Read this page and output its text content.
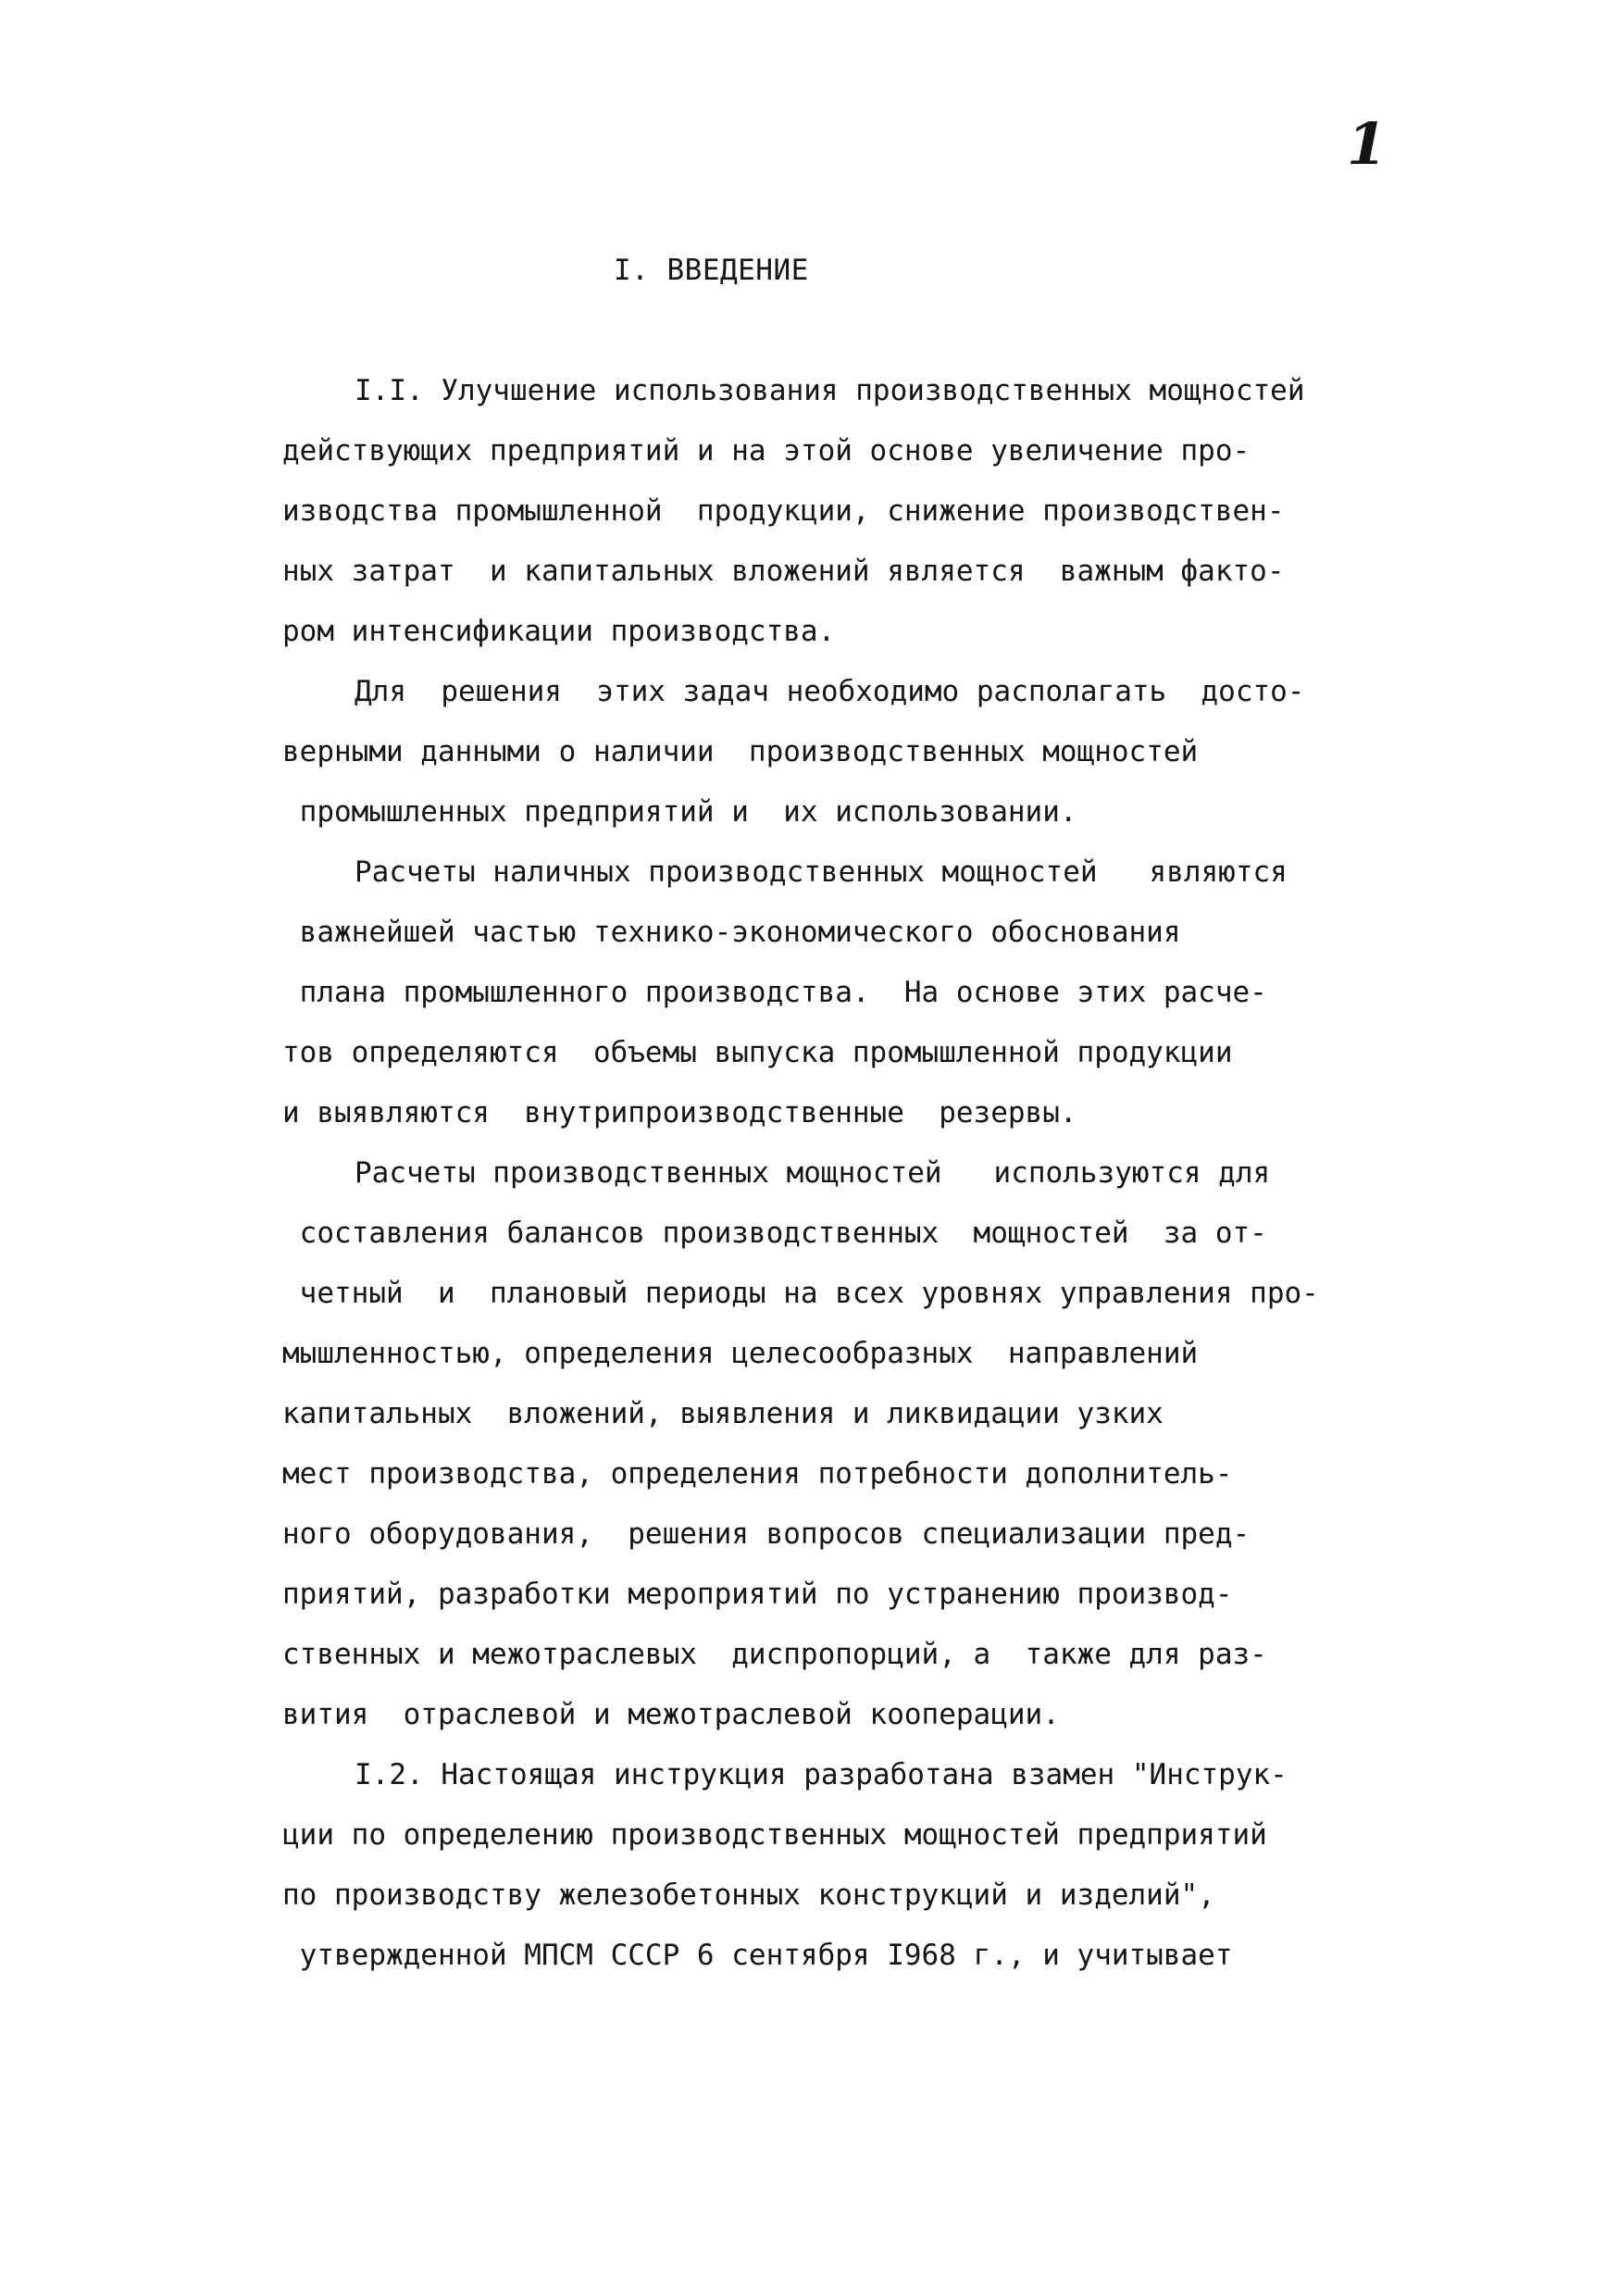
1
I. ВВЕДЕНИЕ
I.I. Улучшение использования производственных мощностей
действующих предприятий и на этой основе увеличение про-
изводства промышленной  продукции, снижение производствен-
ных затрат  и капитальных вложений является  важным факто-
ром интенсификации производства.
Для  решения  этих задач необходимо располагать  досто-
верными данными о наличии  производственных мощностей
промышленных предприятий и  их использовании.
Расчеты наличных производственных мощностей   являются
важнейшей частью технико-экономического обоснования
плана промышленного производства.  На основе этих расче-
тов определяются  объемы выпуска промышленной продукции
и выявляются  внутрипроизводственные  резервы.
Расчеты производственных мощностей   используются для
составления балансов производственных  мощностей  за от-
четный  и  плановый периоды на всех уровнях управления про-
мышленностью, определения целесообразных  направлений
капитальных  вложений, выявления и ликвидации узких
мест производства, определения потребности дополнитель-
ного оборудования,  решения вопросов специализации пред-
приятий, разработки мероприятий по устранению производ-
ственных и межотраслевых  диспропорций, а  также для раз-
вития  отраслевой и межотраслевой кооперации.
I.2. Настоящая инструкция разработана взамен "Инструк-
ции по определению производственных мощностей предприятий
по производству железобетонных конструкций и изделий",
утвержденной МПСМ СССР 6 сентября I968 г., и учитывает
